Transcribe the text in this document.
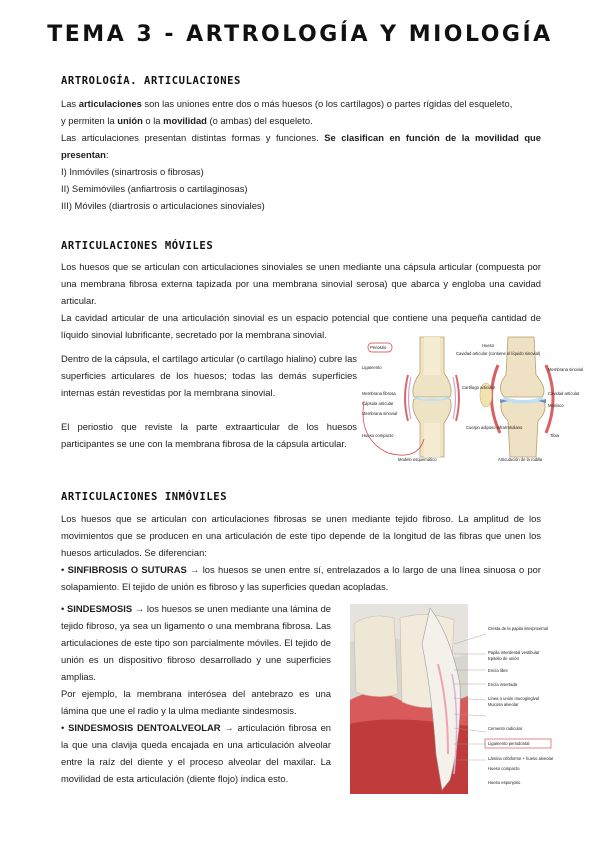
TEMA 3 - ARTROLOGÍA Y MIOLOGÍA
ARTROLOGÍA. ARTICULACIONES
Las articulaciones son las uniones entre dos o más huesos (o los cartílagos) o partes rígidas del esqueleto,
y permiten la unión o la movilidad (o ambas) del esqueleto.
Las articulaciones presentan distintas formas y funciones. Se clasifican en función de la movilidad que presentan:
I) Inmóviles (sinartrosis o fibrosas)
II) Semimóviles (anfiartrosis o cartilaginosas)
III) Móviles (diartrosis o articulaciones sinoviales)
ARTICULACIONES MÓVILES

Los huesos que se articulan con articulaciones sinoviales se unen mediante una cápsula articular (compuesta por una membrana fibrosa externa tapizada por una membrana sinovial serosa) que abarca y engloba una cavidad articular.

La cavidad articular de una articulación sinovial es un espacio potencial que contiene una pequeña cantidad de líquido sinovial lubrificante, secretado por la membrana sinovial.

Dentro de la cápsula, el cartílago articular (o cartílago hialino) cubre las superficies articulares de los huesos; todas las demás superficies internas están revestidas por la membrana sinovial.

El periostio que reviste la parte extraarticular de los huesos participantes se une con la membrana fibrosa de la cápsula articular.

Periostio
Ligamento
Membrana fibrosa
Membrana sinovial
Cápsula articular
Hueso compacto
Cavidad articular (contiene el líquido sinovial)
Cartílago articular
Cuerpo adiposo infrarrotuliano
Hueso
Membrana sinovial
Cavidad articular
Menisco
Tibia
Modelo esquemático	Articulación de la rodilla
ARTICULACIONES INMÓVILES

Los huesos que se articulan con articulaciones fibrosas se unen mediante tejido fibroso. La amplitud de los movimientos que se producen en una articulación de este tipo depende de la longitud de las fibras que unen los huesos articulados. Se diferencian:

• SINFIBROSIS O SUTURAS → los huesos se unen entre sí, entrelazados a lo largo de una línea sinuosa o por solapamiento. El tejido de unión es fibroso y las superficies quedan acopladas.
• SINDESMOSIS → los huesos se unen mediante una lámina de tejido fibroso, ya sea un ligamento o una membrana fibrosa. Las articulaciones de este tipo son parcialmente móviles. El tejido de unión es un dispositivo fibroso desarrollado y une superficies amplias.

Por ejemplo, la membrana interósea del antebrazo es una lámina que une el radio y la ulma mediante sindesmosis.

• SINDESMOSIS DENTOALVEOLAR → articulación fibrosa en la que una clavija queda encajada en una articulación alveolar entre la raíz del diente y el proceso alveolar del maxilar. La movilidad de esta articulación (diente flojo) indica esto.
Cresta de la papila interproximal
Papila interdental vestibular
Epitelio de unión
Encía libre
Encía insertada
Línea o unión mucogingival
Mucosa alveolar
Cemento radicular
Ligamento periodontal
Lámina cribiforme + hueso alveolar
Hueso compacto
Hueso esponjoso
